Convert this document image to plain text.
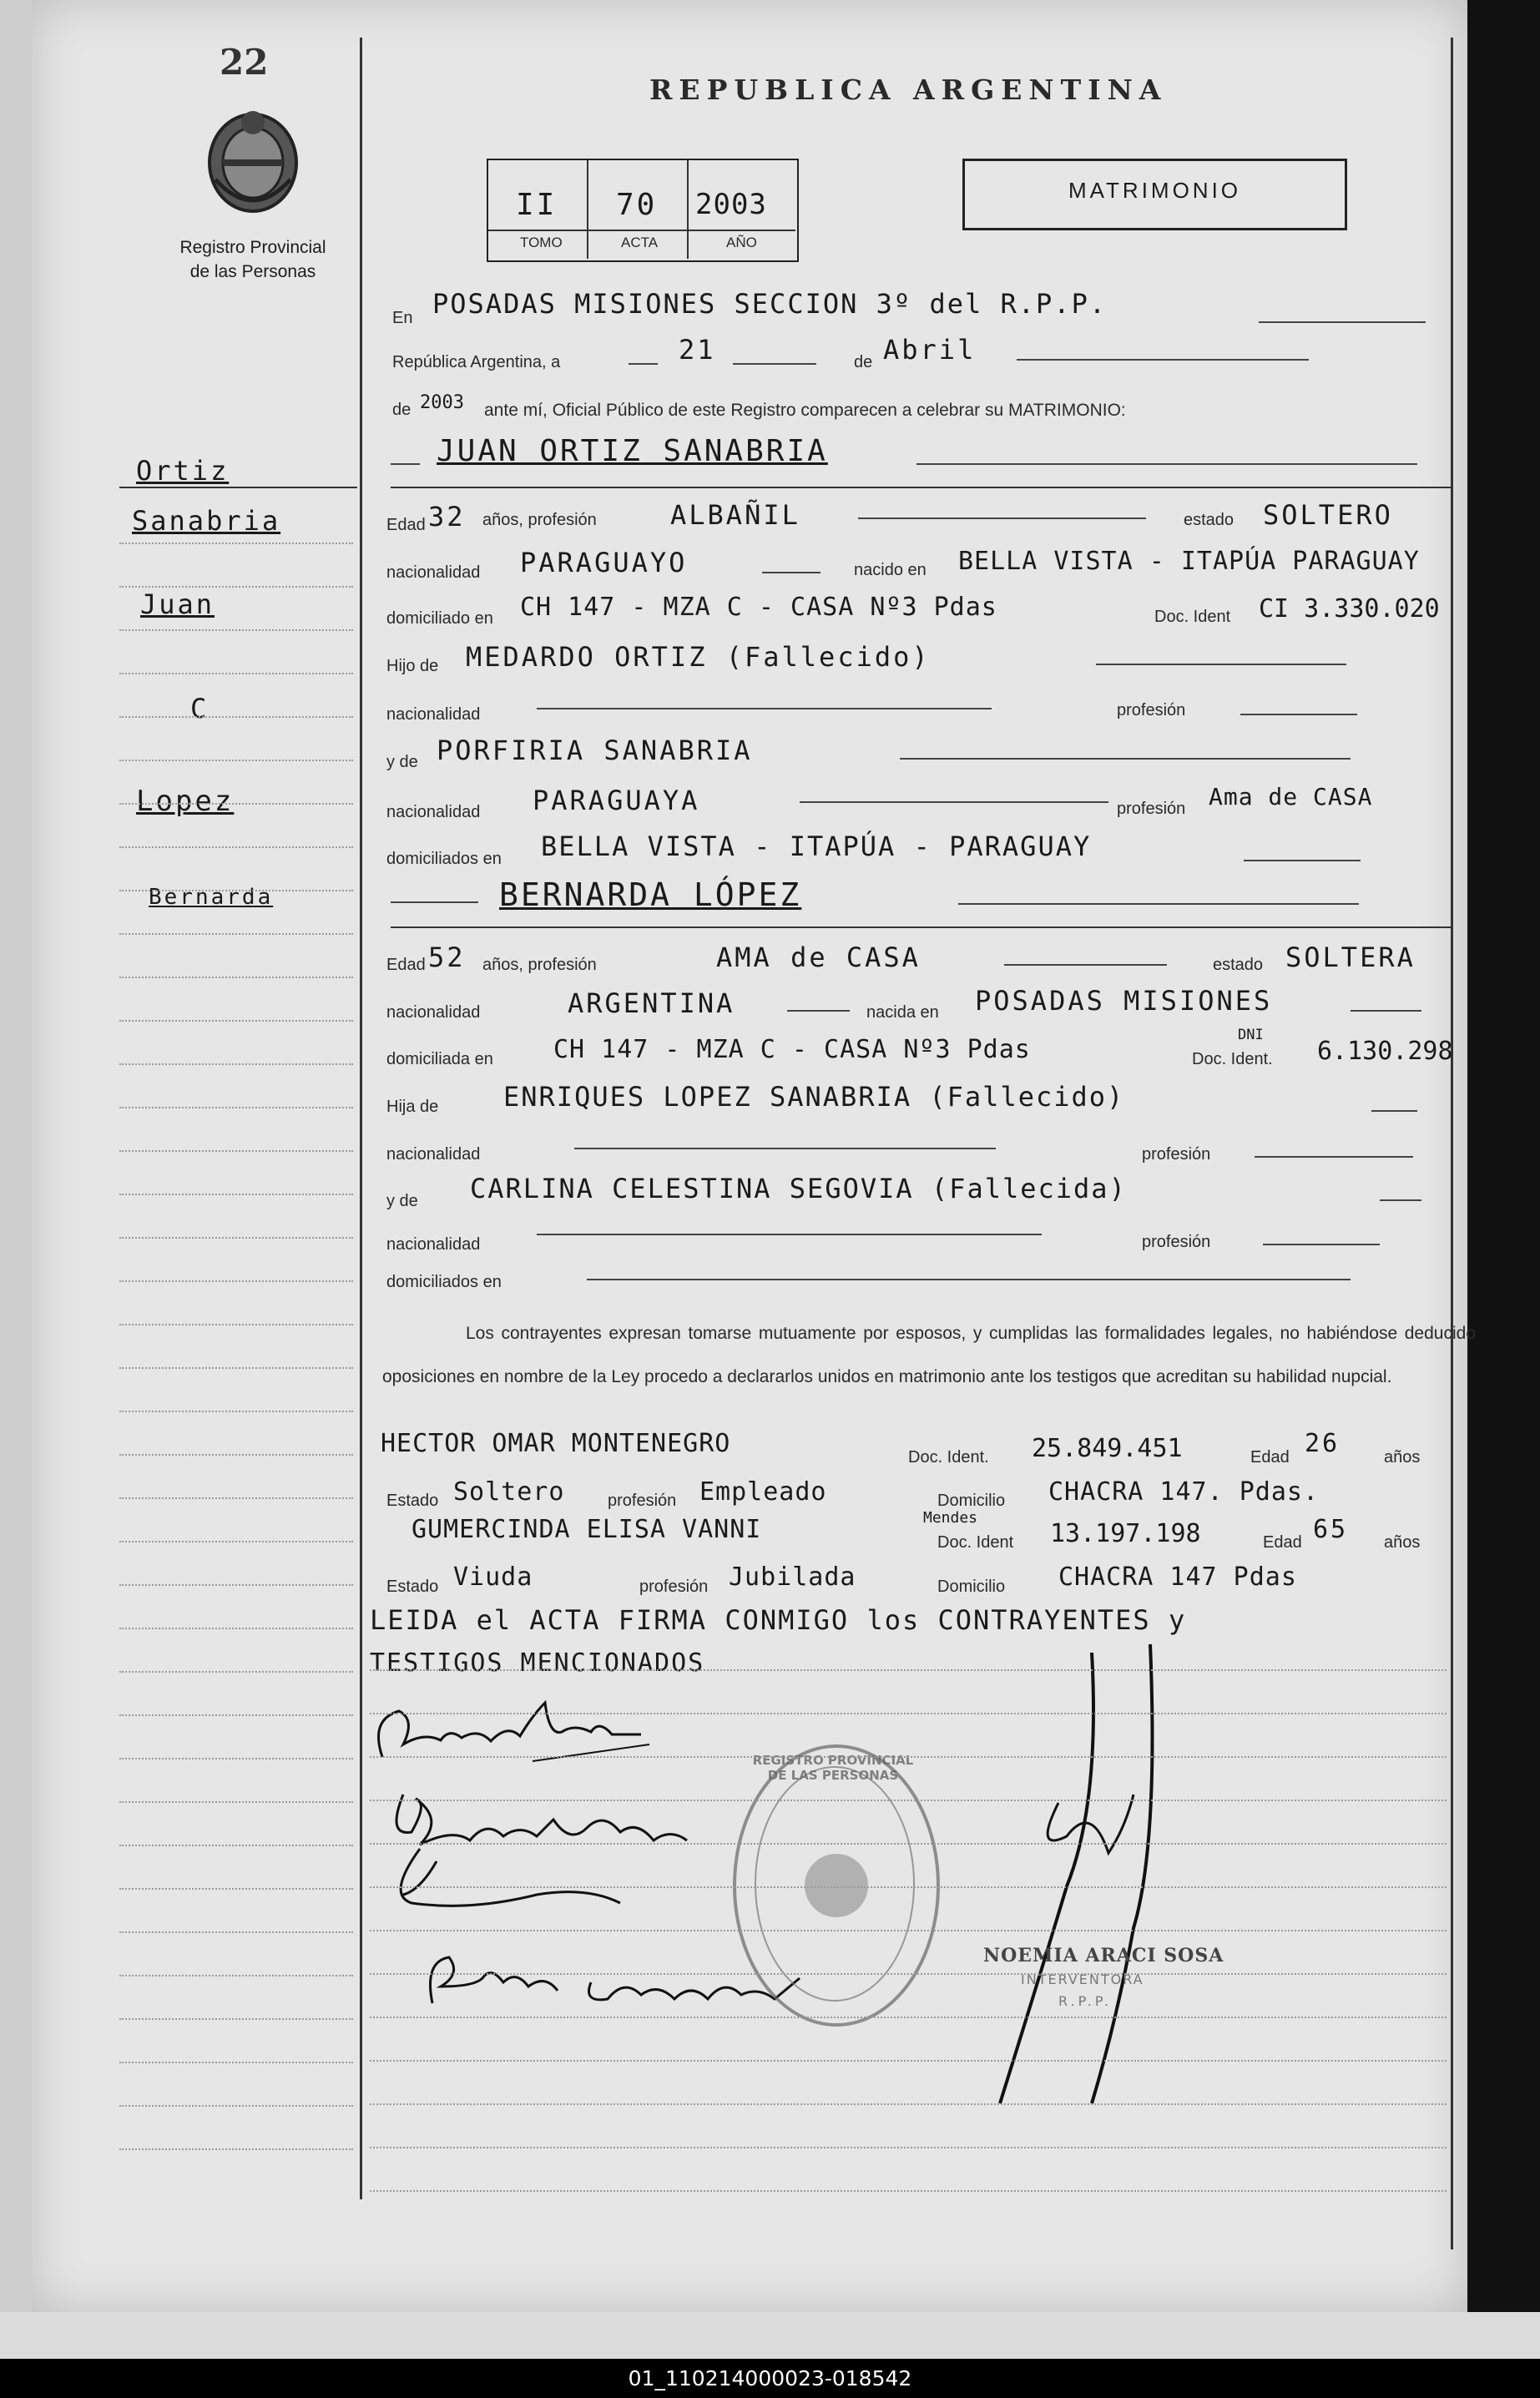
22
Registro Provincial
de las Personas
Ortiz
Sanabria
Juan
C
Lopez
Bernarda
REPUBLICA ARGENTINA
II 70 2003
TOMO	ACTA	AÑO
MATRIMONIO
En POSADAS MISIONES SECCION 3º del R.P.P.
República Argentina, a	21	de Abril
de 2003 ante mí, Oficial Público de este Registro comparecen a celebrar su MATRIMONIO:
JUAN ORTIZ SANABRIA
Edad 32 años, profesión	ALBAÑIL	estado SOLTERO
nacionalidad PARAGUAYO	nacido en BELLA VISTA - ITAPÚA PARAGUAY
domiciliado en CH 147 - MZA C - CASA Nº3 Pdas	Doc. Ident CI 3.330.020
Hijo de MEDARDO ORTIZ (Fallecido)
nacionalidad	profesión
y de PORFIRIA SANABRIA
nacionalidad PARAGUAYA	profesión Ama de CASA
domiciliados en BELLA VISTA - ITAPÚA - PARAGUAY
BERNARDA LÓPEZ
Edad 52 años, profesión	AMA de CASA	estado SOLTERA
nacionalidad	ARGENTINA	nacida en POSADAS MISIONES
domiciliada en CH 147 - MZA C - CASA Nº3 Pdas	Doc. Ident.
DNI
6.130.298
Hija de ENRIQUES LOPEZ SANABRIA (Fallecido)
nacionalidad	profesión
y de CARLINA CELESTINA SEGOVIA (Fallecida)
nacionalidad	profesión
domiciliados en
Los contrayentes expresan tomarse mutuamente por esposos, y cumplidas las formalidades legales, no habiéndose deducido oposiciones en nombre de la Ley procedo a declararlos unidos en matrimonio ante los testigos que acreditan su habilidad nupcial.
HECTOR OMAR MONTENEGRO	Doc. Ident. 25.849.451	Edad 26	años
Estado Soltero	profesión Empleado	Domicilio CHACRA 147. Pdas.
GUMERCINDA ELISA VANNI	Mendes
Doc. Ident 13.197.198	Edad 65 años
Estado Viuda	profesión Jubilada	Domicilio CHACRA 147 Pdas
LEIDA el ACTA FIRMA CONMIGO los CONTRAYENTES y
TESTIGOS MENCIONADOS
REGISTRO PROVINCIAL DE LAS PERSONAS
NOEMIA ARACI SOSA
INTERVENTORA
R.P.P.
01_110214000023-018542
